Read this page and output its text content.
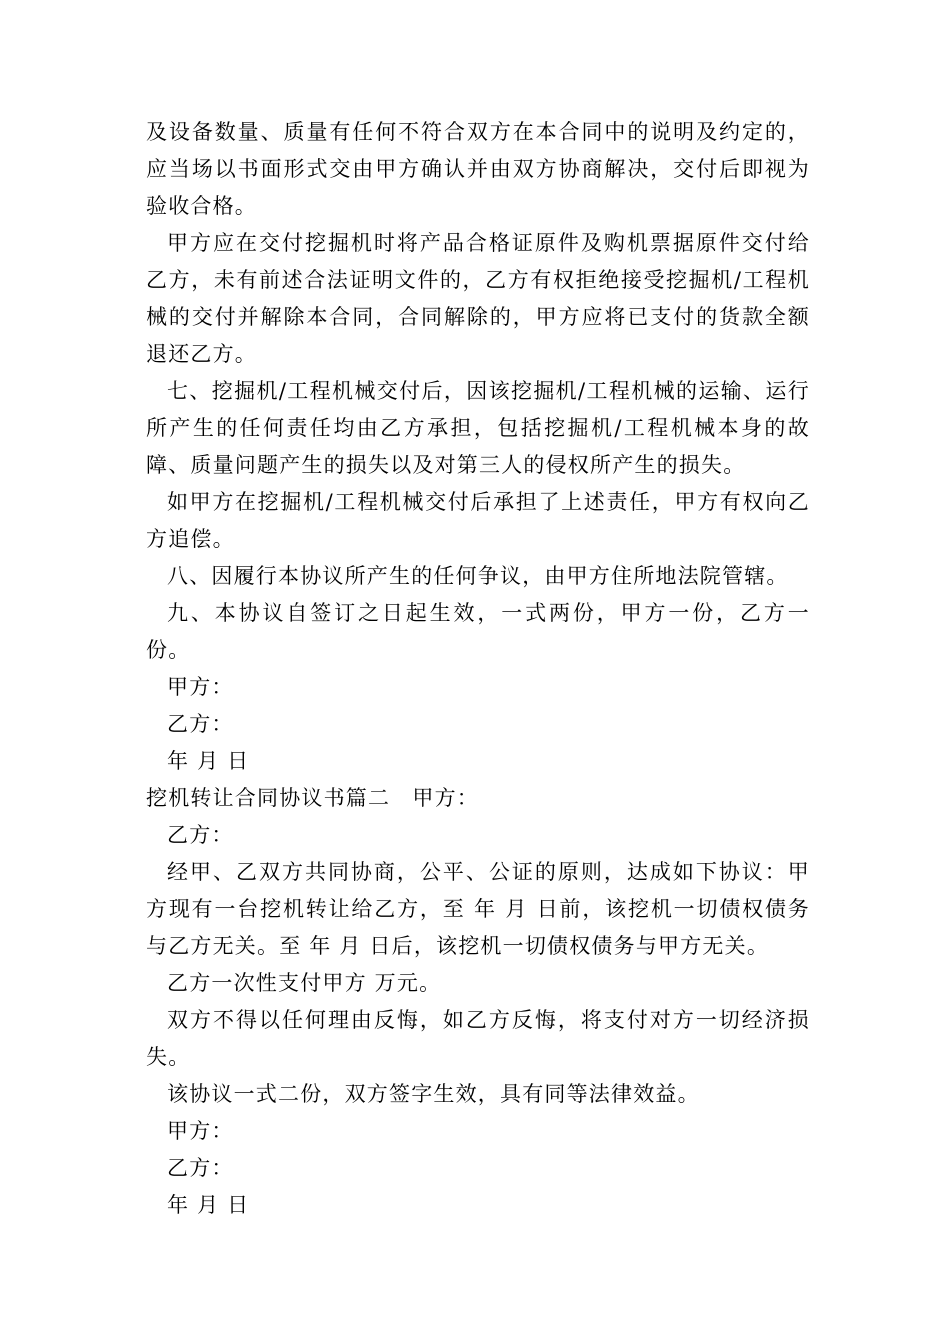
及设备数量、质量有任何不符合双方在本合同中的说明及约定的，应当场以书面形式交由甲方确认并由双方协商解决，交付后即视为验收合格。

甲方应在交付挖掘机时将产品合格证原件及购机票据原件交付给乙方，未有前述合法证明文件的，乙方有权拒绝接受挖掘机/工程机械的交付并解除本合同，合同解除的，甲方应将已支付的货款全额退还乙方。

七、挖掘机/工程机械交付后，因该挖掘机/工程机械的运输、运行所产生的任何责任均由乙方承担，包括挖掘机/工程机械本身的故障、质量问题产生的损失以及对第三人的侵权所产生的损失。

如甲方在挖掘机/工程机械交付后承担了上述责任，甲方有权向乙方追偿。

八、因履行本协议所产生的任何争议，由甲方住所地法院管辖。

九、本协议自签订之日起生效，一式两份，甲方一份，乙方一份。

甲方：

乙方：

年 月 日

挖机转让合同协议书篇二　甲方：

乙方：

经甲、乙双方共同协商，公平、公证的原则，达成如下协议：甲方现有一台挖机转让给乙方，至 年 月 日前，该挖机一切债权债务与乙方无关。至 年 月 日后，该挖机一切债权债务与甲方无关。

乙方一次性支付甲方 万元。

双方不得以任何理由反悔，如乙方反悔，将支付对方一切经济损失。

该协议一式二份，双方签字生效，具有同等法律效益。

甲方：

乙方：

年 月 日
